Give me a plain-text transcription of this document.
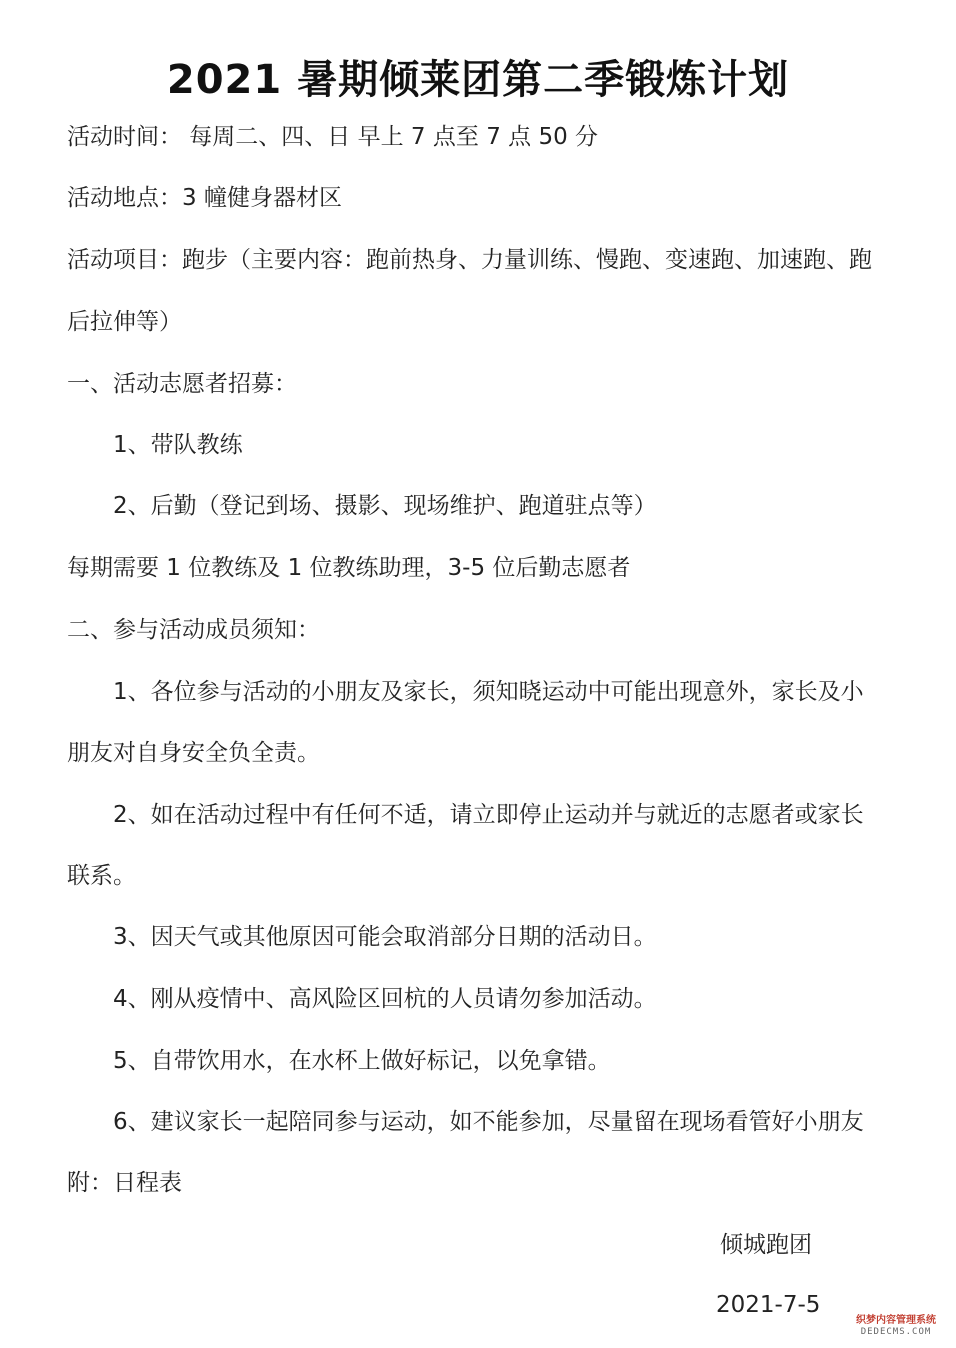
2021 暑期倾莱团第二季锻炼计划
活动时间： 每周二、四、日 早上 7 点至 7 点 50 分
活动地点：3 幢健身器材区
活动项目：跑步（主要内容：跑前热身、力量训练、慢跑、变速跑、加速跑、跑
后拉伸等）
一、活动志愿者招募：
1、带队教练
2、后勤（登记到场、摄影、现场维护、跑道驻点等）
每期需要 1 位教练及 1 位教练助理，3-5 位后勤志愿者
二、参与活动成员须知：
1、各位参与活动的小朋友及家长，须知晓运动中可能出现意外，家长及小
朋友对自身安全负全责。
2、如在活动过程中有任何不适，请立即停止运动并与就近的志愿者或家长
联系。
3、因天气或其他原因可能会取消部分日期的活动日。
4、刚从疫情中、高风险区回杭的人员请勿参加活动。
5、自带饮用水，在水杯上做好标记，以免拿错。
6、建议家长一起陪同参与运动，如不能参加，尽量留在现场看管好小朋友
附：日程表
倾城跑团
2021-7-5
织梦内容管理系统
DEDECMS.COM
